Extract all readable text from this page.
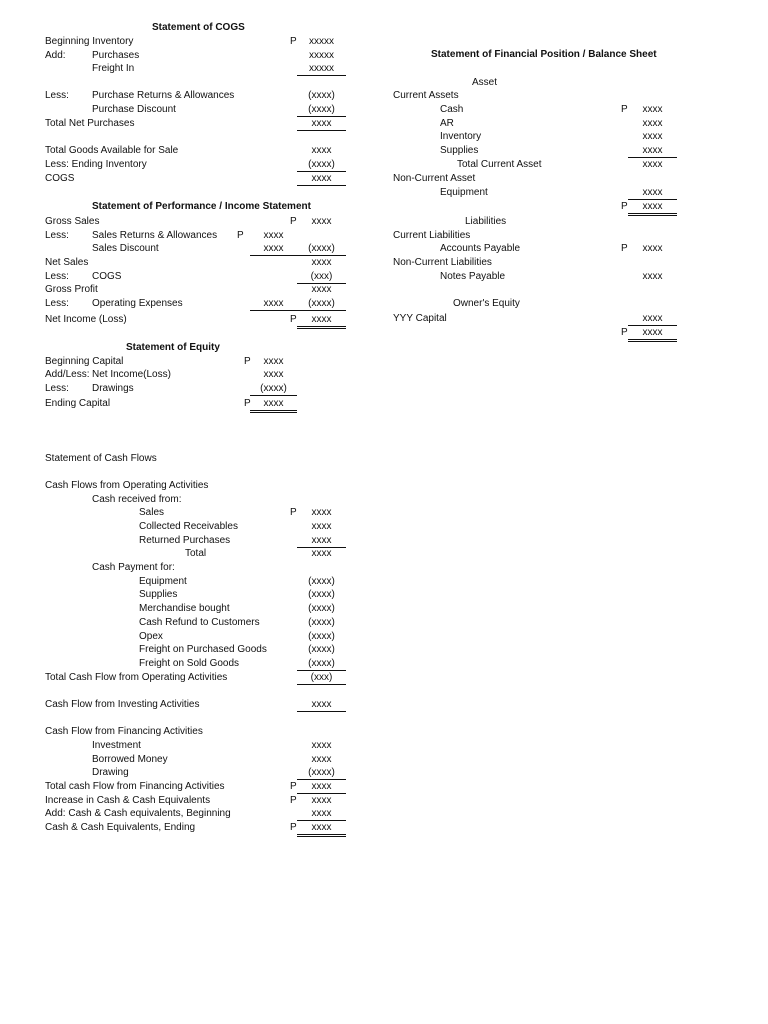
Statement of COGS
Beginning Inventory	P	xxxxx
Add:	Purchases	xxxxx
Freight In	xxxxx
Less: Purchase Returns & Allowances	(xxxx)
Purchase Discount	(xxxx)
Total Net Purchases	xxxx
Total Goods Available for Sale	xxxx
Less: Ending Inventory	(xxxx)
COGS	xxxx
Statement of Performance / Income Statement
Gross Sales	P	xxxx
Less: Sales Returns & Allowances P	xxxx
Sales Discount	xxxx	(xxxx)
Net Sales	xxxx
Less: COGS	(xxx)
Gross Profit	xxxx
Less: Operating Expenses	xxxx	(xxxx)
Net Income (Loss)	P	xxxx
Statement of Equity
Beginning Capital	P	xxxx
Add/Less: Net Income(Loss)	xxxx
Less: Drawings	(xxxx)
Ending Capital	P	xxxx
Statement of Financial Position / Balance Sheet
Asset
Current Assets
Cash	P	xxxx
AR	xxxx
Inventory	xxxx
Supplies	xxxx
Total Current Asset	xxxx
Non-Current Asset
Equipment	xxxx
P	xxxx
Liabilities
Current Liabilities
Accounts Payable	P	xxxx
Non-Current Liabilities
Notes Payable	xxxx
Owner's Equity
YYY Capital	xxxx
P	xxxx
Statement of Cash Flows
Cash Flows from Operating Activities
Cash received from:
Sales	P	xxxx
Collected Receivables	xxxx
Returned Purchases	xxxx
Total	xxxx
Cash Payment for:
Equipment	(xxxx)
Supplies	(xxxx)
Merchandise bought	(xxxx)
Cash Refund to Customers	(xxxx)
Opex	(xxxx)
Freight on Purchased Goods	(xxxx)
Freight on Sold Goods	(xxxx)
Total Cash Flow from Operating Activities	(xxx)
Cash Flow from Investing Activities	xxxx
Cash Flow from Financing Activities
Investment	xxxx
Borrowed Money	xxxx
Drawing	(xxxx)
Total cash Flow from Financing Activities	P	xxxx
Increase in Cash & Cash Equivalents	P	xxxx
Add: Cash & Cash equivalents, Beginning	xxxx
Cash & Cash Equivalents, Ending	P	xxxx
